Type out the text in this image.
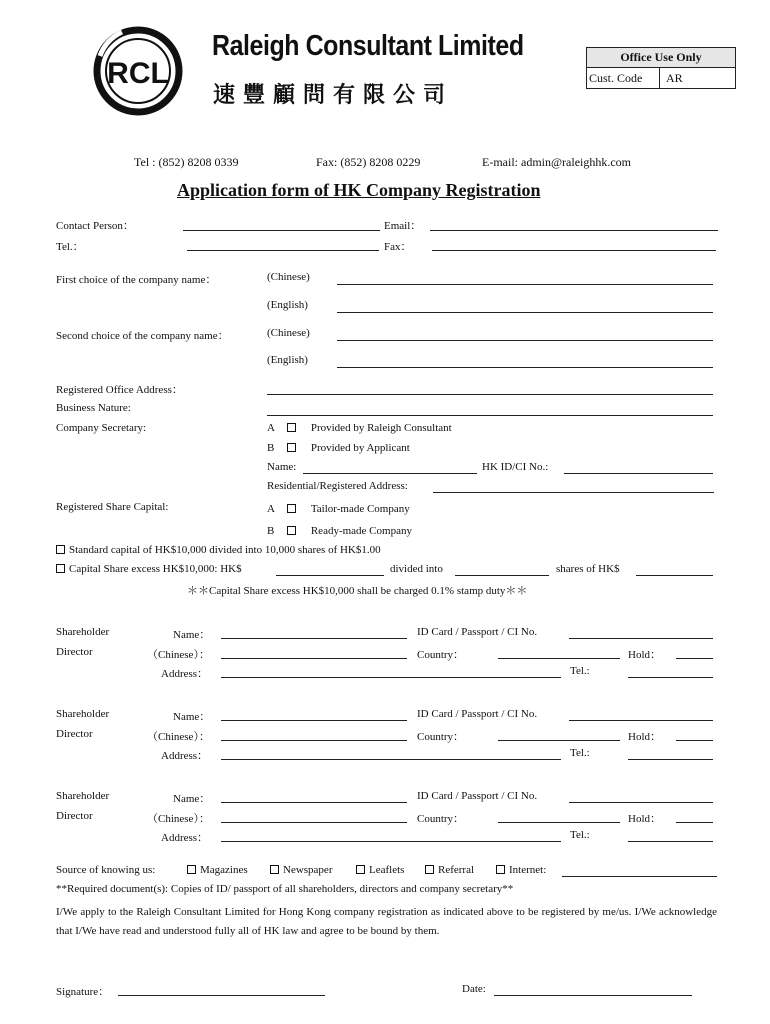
RCL
Raleigh Consultant Limited
速豐顧問有限公司
Office Use Only
Cust. Code	AR
Tel : (852) 8208 0339	Fax: (852) 8208 0229	E-mail: admin@raleighhk.com
Application form of HK Company Registration
Contact Person：	Email：
Tel.：	Fax：
First choice of the company name：	(Chinese)
(English)
Second choice of the company name：	(Chinese)
(English)
Registered Office Address：
Business Nature:
Company Secretary:	A	Provided by Raleigh Consultant
B	Provided by Applicant
Name:	HK ID/CI No.:
Residential/Registered Address:
Registered Share Capital:	A	Tailor-made Company
B	Ready-made Company
Standard capital of HK$10,000 divided into 10,000 shares of HK$1.00
Capital Share excess HK$10,000: HK$	divided into	shares of HK$
＊＊Capital Share excess HK$10,000 shall be charged 0.1% stamp duty＊＊
Shareholder
Director
Name：
（Chinese）：
Address：
ID Card / Passport / CI No.
Country：	Hold：
Tel.:
Shareholder
Director
Name：
（Chinese）：
Address：
ID Card / Passport / CI No.
Country：	Hold：
Tel.:
Shareholder
Director
Name：
（Chinese）：
Address：
ID Card / Passport / CI No.
Country：	Hold：
Tel.:
Source of knowing us:	Magazines	Newspaper	Leaflets	Referral	Internet:
**Required document(s): Copies of ID/ passport of all shareholders, directors and company secretary**
I/We apply to the Raleigh Consultant Limited for Hong Kong company registration as indicated above to be registered by me/us. I/We acknowledge that I/We have read and understood fully all of HK law and agree to be bound by them.
Signature：	Date:
